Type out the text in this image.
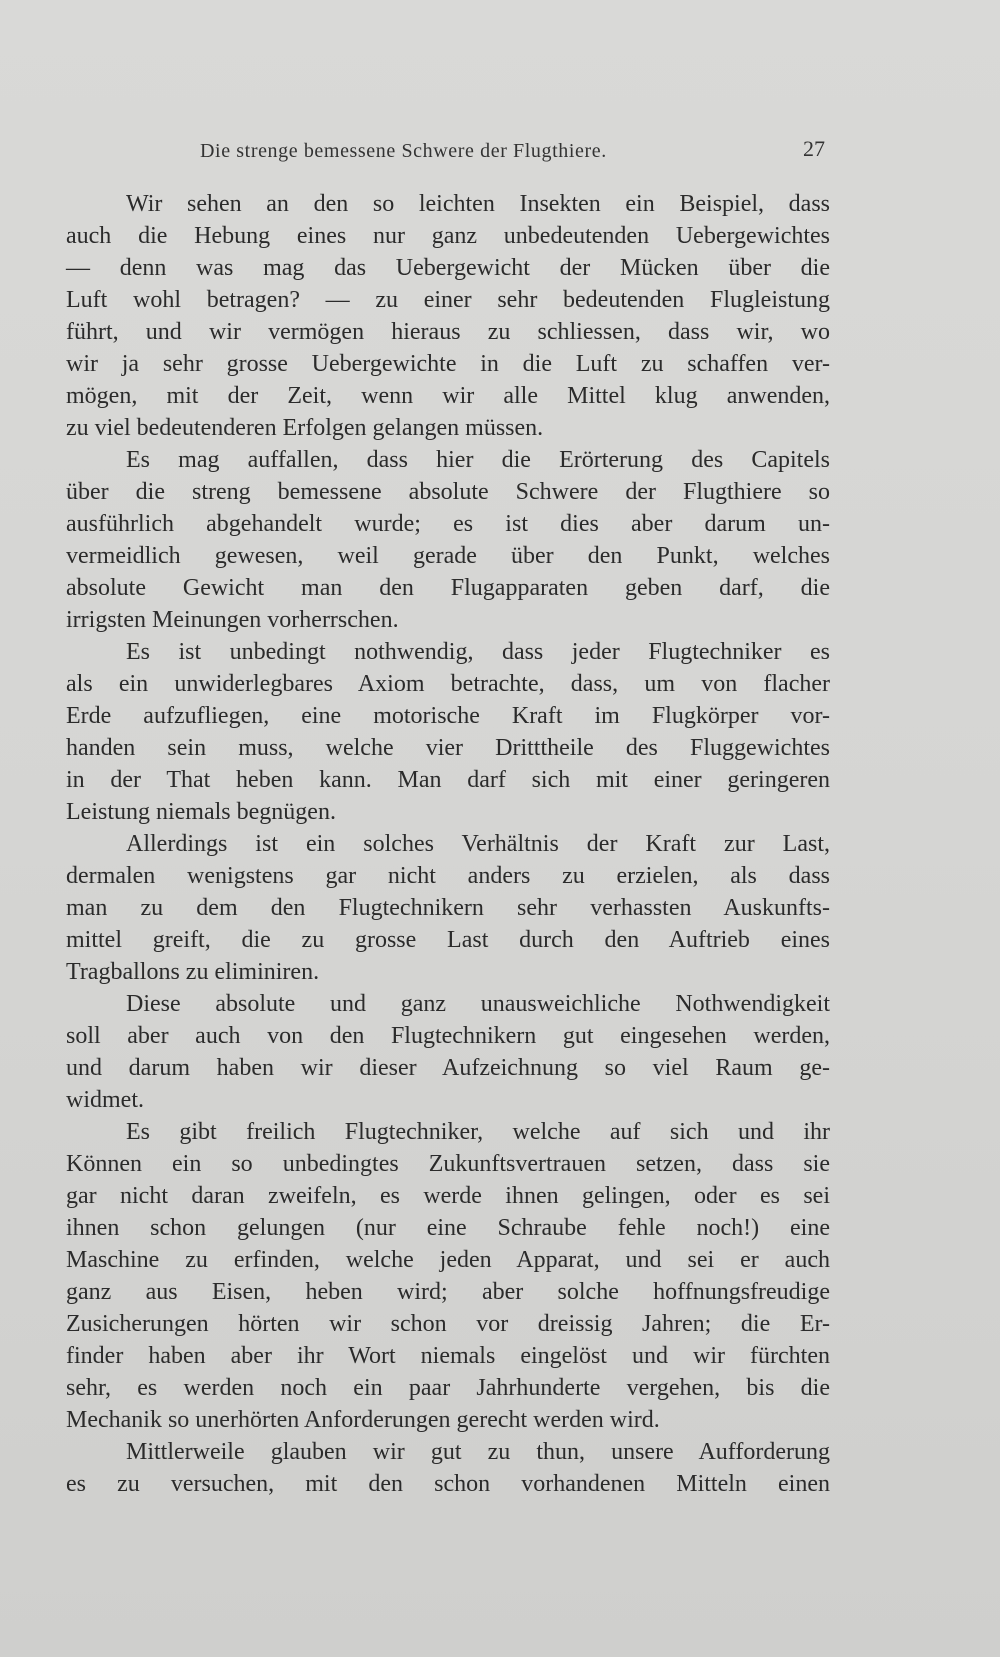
Die strenge bemessene Schwere der Flugthiere.	27
Wir sehen an den so leichten Insekten ein Beispiel, dass
auch die Hebung eines nur ganz unbedeutenden Uebergewichtes
— denn was mag das Uebergewicht der Mücken über die
Luft wohl betragen? — zu einer sehr bedeutenden Flugleistung
führt, und wir vermögen hieraus zu schliessen, dass wir, wo
wir ja sehr grosse Uebergewichte in die Luft zu schaffen ver-
mögen, mit der Zeit, wenn wir alle Mittel klug anwenden,
zu viel bedeutenderen Erfolgen gelangen müssen.
Es mag auffallen, dass hier die Erörterung des Capitels
über die streng bemessene absolute Schwere der Flugthiere so
ausführlich abgehandelt wurde; es ist dies aber darum un-
vermeidlich gewesen, weil gerade über den Punkt, welches
absolute Gewicht man den Flugapparaten geben darf, die
irrigsten Meinungen vorherrschen.
Es ist unbedingt nothwendig, dass jeder Flugtechniker es
als ein unwiderlegbares Axiom betrachte, dass, um von flacher
Erde aufzufliegen, eine motorische Kraft im Flugkörper vor-
handen sein muss, welche vier Dritttheile des Fluggewichtes
in der That heben kann. Man darf sich mit einer geringeren
Leistung niemals begnügen.
Allerdings ist ein solches Verhältnis der Kraft zur Last,
dermalen wenigstens gar nicht anders zu erzielen, als dass
man zu dem den Flugtechnikern sehr verhassten Auskunfts-
mittel greift, die zu grosse Last durch den Auftrieb eines
Tragballons zu eliminiren.
Diese absolute und ganz unausweichliche Nothwendigkeit
soll aber auch von den Flugtechnikern gut eingesehen werden,
und darum haben wir dieser Aufzeichnung so viel Raum ge-
widmet.
Es gibt freilich Flugtechniker, welche auf sich und ihr
Können ein so unbedingtes Zukunftsvertrauen setzen, dass sie
gar nicht daran zweifeln, es werde ihnen gelingen, oder es sei
ihnen schon gelungen (nur eine Schraube fehle noch!) eine
Maschine zu erfinden, welche jeden Apparat, und sei er auch
ganz aus Eisen, heben wird; aber solche hoffnungsfreudige
Zusicherungen hörten wir schon vor dreissig Jahren; die Er-
finder haben aber ihr Wort niemals eingelöst und wir fürchten
sehr, es werden noch ein paar Jahrhunderte vergehen, bis die
Mechanik so unerhörten Anforderungen gerecht werden wird.
Mittlerweile glauben wir gut zu thun, unsere Aufforderung
es zu versuchen, mit den schon vorhandenen Mitteln einen
